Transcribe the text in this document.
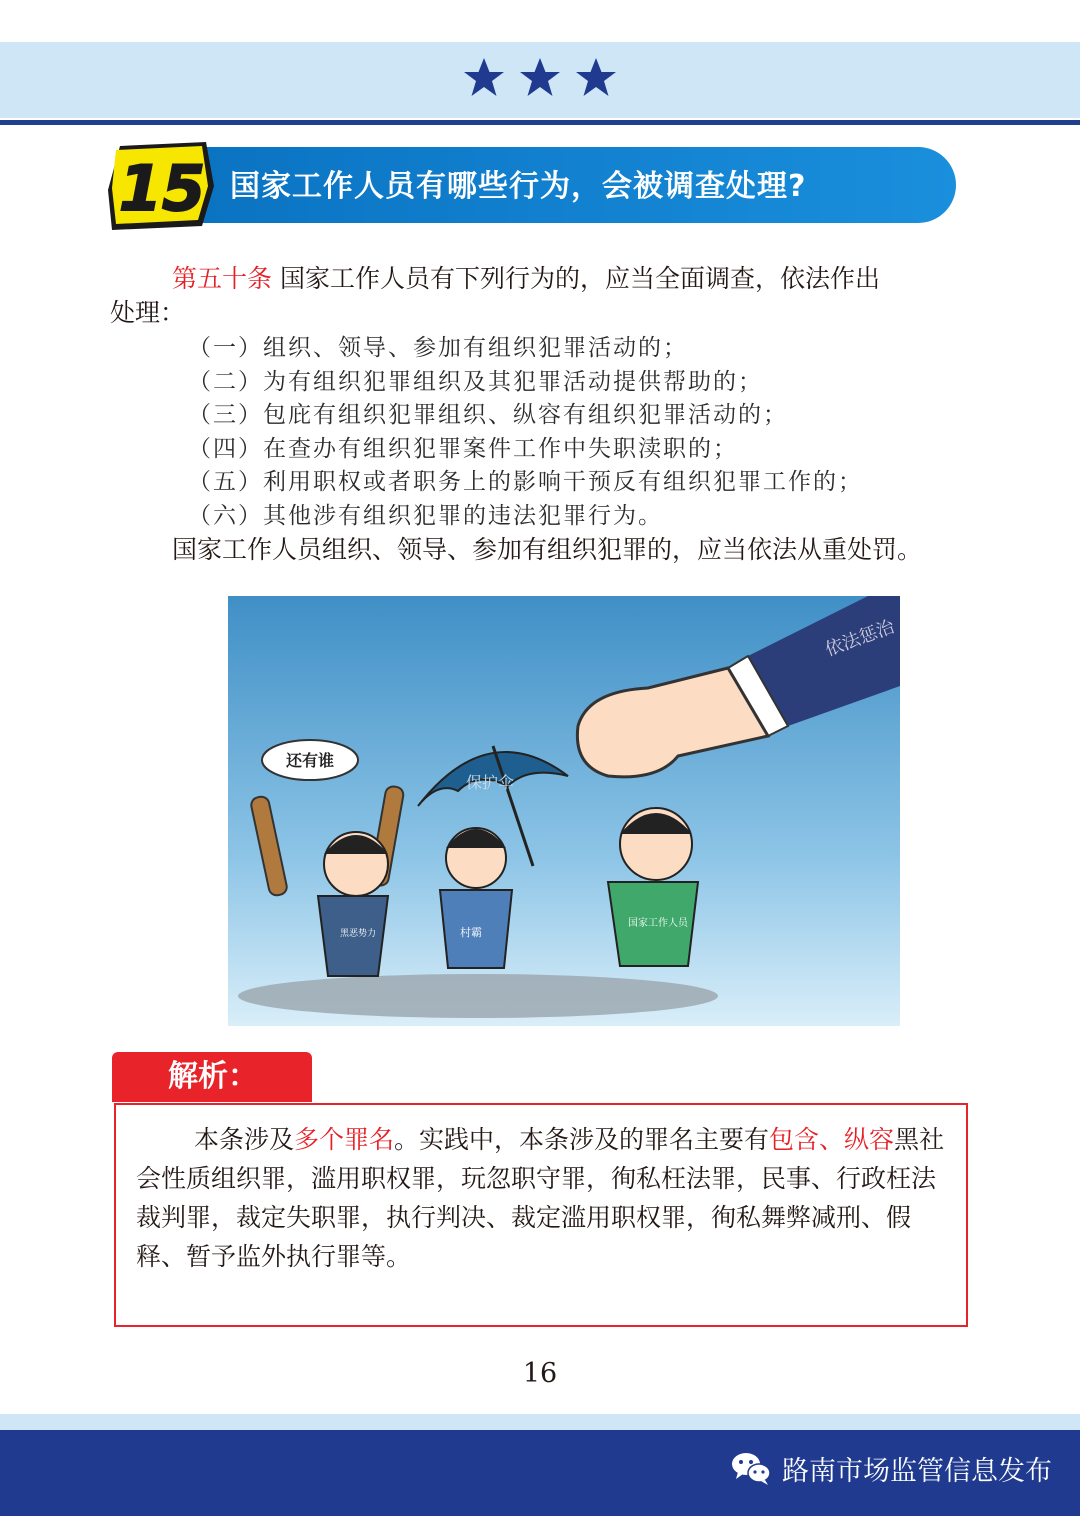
15 国家工作人员有哪些行为，会被调查处理?
第五十条 国家工作人员有下列行为的，应当全面调查，依法作出
处理：
（一）组织、领导、参加有组织犯罪活动的；
（二）为有组织犯罪组织及其犯罪活动提供帮助的；
（三）包庇有组织犯罪组织、纵容有组织犯罪活动的；
（四）在查办有组织犯罪案件工作中失职渎职的；
（五）利用职权或者职务上的影响干预反有组织犯罪工作的；
（六）其他涉有组织犯罪的违法犯罪行为。
国家工作人员组织、领导、参加有组织犯罪的，应当依法从重处罚。
依法惩治
保护伞
还有谁
黑恶势力	村霸
国家工作人员
解析：
本条涉及多个罪名。实践中，本条涉及的罪名主要有包含、纵容黑社会性质组织罪，滥用职权罪，玩忽职守罪，徇私枉法罪，民事、行政枉法裁判罪，裁定失职罪，执行判决、裁定滥用职权罪，徇私舞弊减刑、假释、暂予监外执行罪等。
16
路南市场监管信息发布
